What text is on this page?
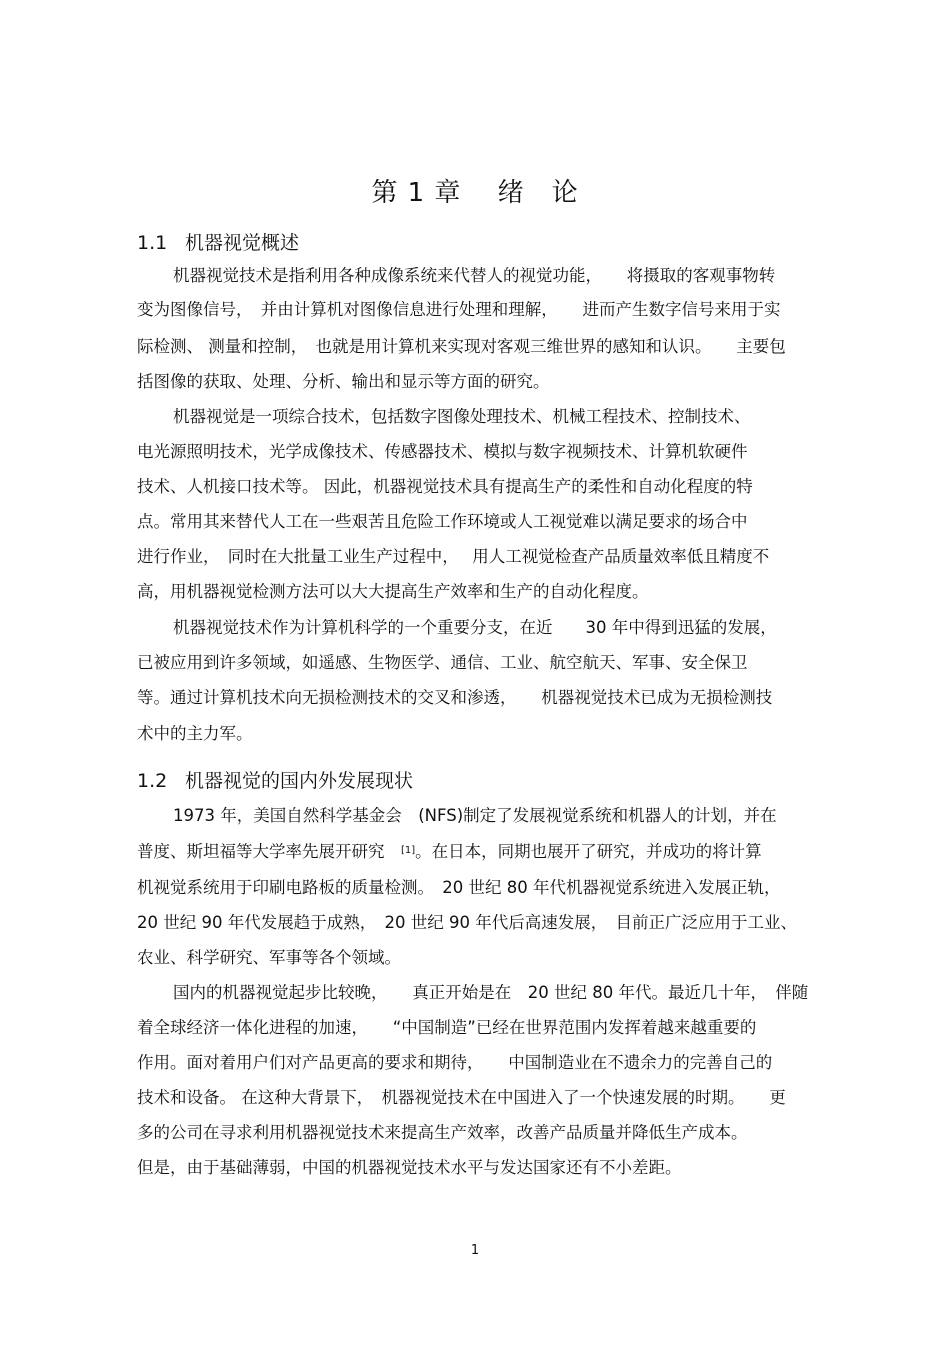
第 1 章　 绪　论
1.1 机器视觉概述
机器视觉技术是指利用各种成像系统来代替人的视觉功能，　　将摄取的客观事物转
变为图像信号，　并由计算机对图像信息进行处理和理解，　　进而产生数字信号来用于实
际检测、 测量和控制，　也就是用计算机来实现对客观三维世界的感知和认识。　　主要包
括图像的获取、处理、分析、输出和显示等方面的研究。
机器视觉是一项综合技术，包括数字图像处理技术、机械工程技术、控制技术、
电光源照明技术，光学成像技术、传感器技术、模拟与数字视频技术、计算机软硬件
技术、人机接口技术等。 因此，机器视觉技术具有提高生产的柔性和自动化程度的特
点。常用其来替代人工在一些艰苦且危险工作环境或人工视觉难以满足要求的场合中
进行作业，　同时在大批量工业生产过程中，　 用人工视觉检查产品质量效率低且精度不
高，用机器视觉检测方法可以大大提高生产效率和生产的自动化程度。
机器视觉技术作为计算机科学的一个重要分支，在近　　30 年中得到迅猛的发展，
已被应用到许多领域，如遥感、生物医学、通信、工业、航空航天、军事、安全保卫
等。通过计算机技术向无损检测技术的交叉和渗透，　　机器视觉技术已成为无损检测技
术中的主力军。
1.2 机器视觉的国内外发展现状
1973 年，美国自然科学基金会　(NFS)制定了发展视觉系统和机器人的计划，并在
普度、斯坦福等大学率先展开研究　[1]。在日本，同期也展开了研究，并成功的将计算
机视觉系统用于印刷电路板的质量检测。　20 世纪 80 年代机器视觉系统进入发展正轨，
20 世纪 90 年代发展趋于成熟，　20 世纪 90 年代后高速发展，　目前正广泛应用于工业、
农业、科学研究、军事等各个领域。
国内的机器视觉起步比较晚，　　真正开始是在　20 世纪 80 年代。最近几十年，　伴随
着全球经济一体化进程的加速，　　“中国制造”已经在世界范围内发挥着越来越重要的
作用。面对着用户们对产品更高的要求和期待，　　中国制造业在不遗余力的完善自己的
技术和设备。 在这种大背景下，　机器视觉技术在中国进入了一个快速发展的时期。　　更
多的公司在寻求利用机器视觉技术来提高生产效率，改善产品质量并降低生产成本。
但是，由于基础薄弱，中国的机器视觉技术水平与发达国家还有不小差距。
1
